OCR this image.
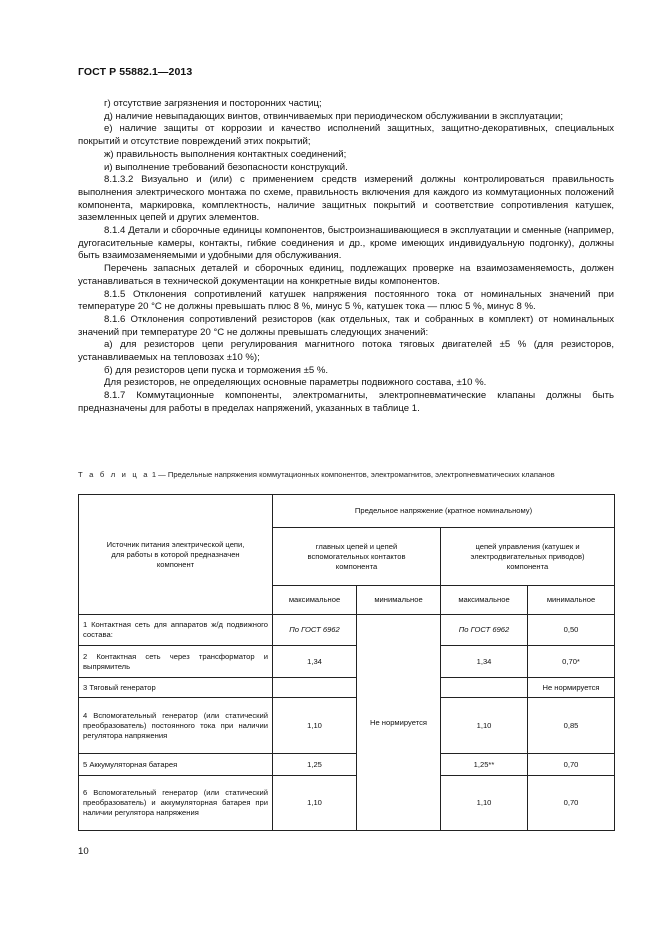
ГОСТ Р 55882.1—2013

г) отсутствие загрязнения и посторонних частиц;

д) наличие невыпадающих винтов, отвинчиваемых при периодическом обслуживании в эксплуатации;

е) наличие защиты от коррозии и качество исполнений защитных, защитно-декоративных, специальных покрытий и отсутствие повреждений этих покрытий;

ж) правильность выполнения контактных соединений;

и) выполнение требований безопасности конструкций.

8.1.3.2 Визуально и (или) с применением средств измерений должны контролироваться правильность выполнения электрического монтажа по схеме, правильность включения для каждого из коммутационных положений компонента, маркировка, комплектность, наличие защитных покрытий и соответствие сопротивления катушек, заземленных цепей и других элементов.

8.1.4 Детали и сборочные единицы компонентов, быстроизнашивающиеся в эксплуатации и сменные (например, дугогасительные камеры, контакты, гибкие соединения и др., кроме имеющих индивидуальную подгонку), должны быть взаимозаменяемыми и удобными для обслуживания.

Перечень запасных деталей и сборочных единиц, подлежащих проверке на взаимозаменяемость, должен устанавливаться в технической документации на конкретные виды компонентов.

8.1.5 Отклонения сопротивлений катушек напряжения постоянного тока от номинальных значений при температуре 20 °С не должны превышать плюс 8 %, минус 5 %, катушек тока — плюс 5 %, минус 8 %.

8.1.6 Отклонения сопротивлений резисторов (как отдельных, так и собранных в комплект) от номинальных значений при температуре 20 °С не должны превышать следующих значений:

а) для резисторов цепи регулирования магнитного потока тяговых двигателей ±5 % (для резисторов, устанавливаемых на тепловозах ±10 %);

б) для резисторов цепи пуска и торможения ±5 %.

Для резисторов, не определяющих основные параметры подвижного состава, ±10 %.

8.1.7 Коммутационные компоненты, электромагниты, электропневматические клапаны должны быть предназначены для работы в пределах напряжений, указанных в таблице 1.

Т а б л и ц а 1 — Предельные напряжения коммутационных компонентов, электромагнитов, электропневматических клапанов
Источник питания электрической цепи, для работы в которой предназначен компонент	Предельное напряжение (кратное номинальному)			
	главных цепей и цепей вспомогательных контактов компонента		цепей управления (катушек и электродвигательных приводов) компонента	
	максимальное	минимальное	максимальное	минимальное
1 Контактная сеть для аппаратов ж/д подвижного состава:	По ГОСТ 6962	Не нормируется	По ГОСТ 6962	0,50
2 Контактная сеть через трансформатор и выпрямитель	1,34		1,34	0,70*
3 Тяговый генератор				Не нормируется
4 Вспомогательный генератор (или статический преобразователь) постоянного тока при наличии регулятора напряжения	1,10		1,10	0,85
5 Аккумуляторная батарея	1,25		1,25**	0,70
6 Вспомогательный генератор (или статический преобразователь) и аккумуляторная батарея при наличии регулятора напряжения	1,10		1,10	0,70
10
